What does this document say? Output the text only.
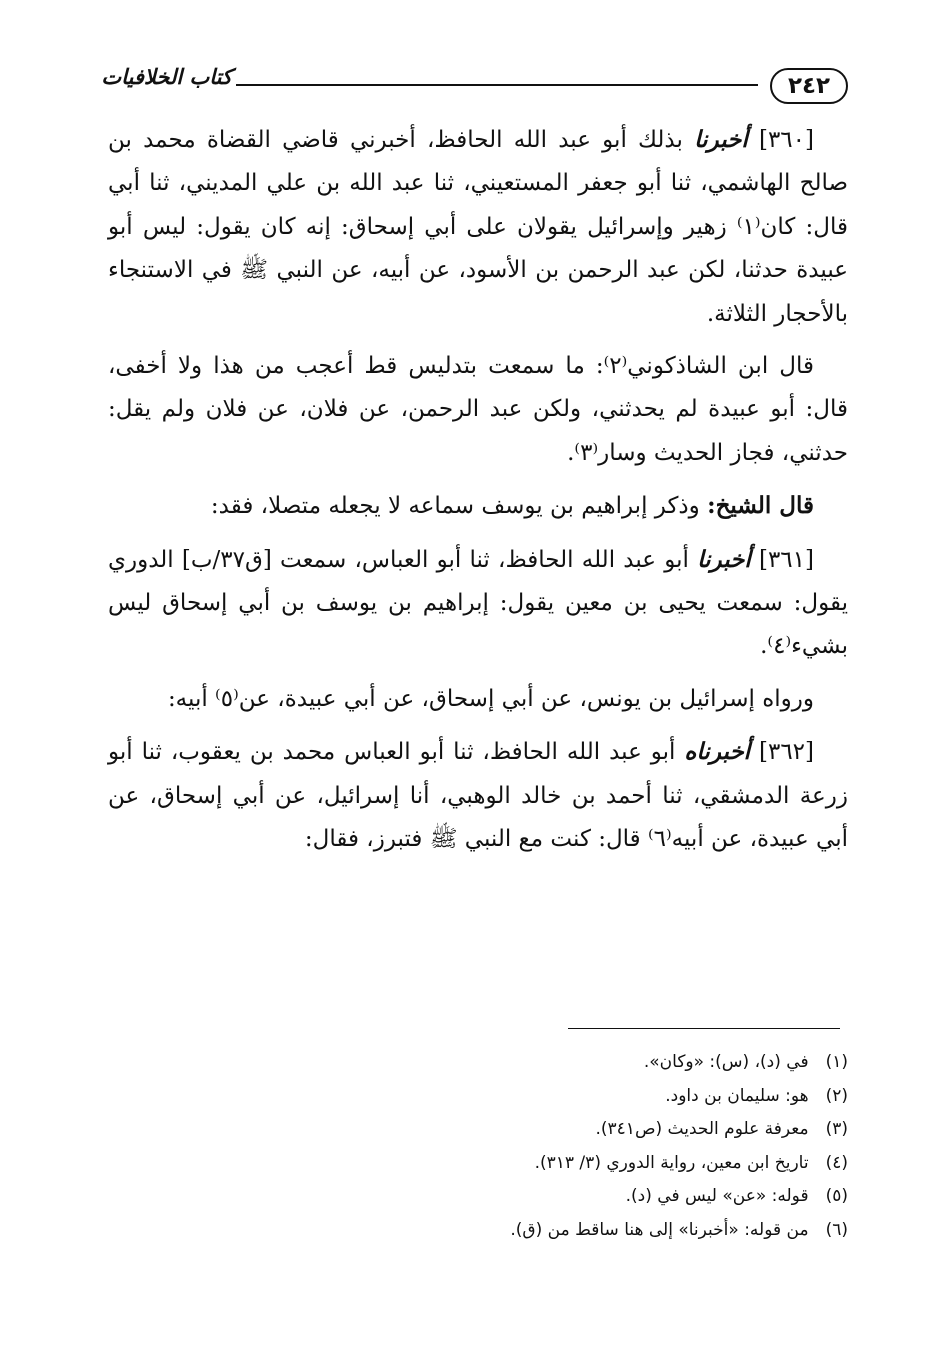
٢٤٢
كتاب الخلافيات

[٣٦٠] أخبرنا بذلك أبو عبد الله الحافظ، أخبرني قاضي القضاة محمد بن صالح الهاشمي، ثنا أبو جعفر المستعيني، ثنا عبد الله بن علي المديني، ثنا أبي قال: كان⁽١⁾ زهير وإسرائيل يقولان على أبي إسحاق: إنه كان يقول: ليس أبو عبيدة حدثنا، لكن عبد الرحمن بن الأسود، عن أبيه، عن النبي ﷺ في الاستنجاء بالأحجار الثلاثة.

قال ابن الشاذكوني⁽٢⁾: ما سمعت بتدليس قط أعجب من هذا ولا أخفى، قال: أبو عبيدة لم يحدثني، ولكن عبد الرحمن، عن فلان، عن فلان ولم يقل: حدثني، فجاز الحديث وسار⁽٣⁾.

قال الشيخ: وذكر إبراهيم بن يوسف سماعه لا يجعله متصلا، فقد:

[٣٦١] أخبرنا أبو عبد الله الحافظ، ثنا أبو العباس، سمعت [ق٣٧/ب] الدوري يقول: سمعت يحيى بن معين يقول: إبراهيم بن يوسف بن أبي إسحاق ليس بشيء⁽٤⁾.

ورواه إسرائيل بن يونس، عن أبي إسحاق، عن أبي عبيدة، عن⁽٥⁾ أبيه:

[٣٦٢] أخبرناه أبو عبد الله الحافظ، ثنا أبو العباس محمد بن يعقوب، ثنا أبو زرعة الدمشقي، ثنا أحمد بن خالد الوهبي، أنا إسرائيل، عن أبي إسحاق، عن أبي عبيدة، عن أبيه⁽٦⁾ قال: كنت مع النبي ﷺ فتبرز، فقال:

(١) في (د)، (س): «وكان».
(٢) هو: سليمان بن داود.
(٣) معرفة علوم الحديث (ص٣٤١).
(٤) تاريخ ابن معين، رواية الدوري (٣/ ٣١٣).
(٥) قوله: «عن» ليس في (د).
(٦) من قوله: «أخبرنا» إلى هنا ساقط من (ق).
